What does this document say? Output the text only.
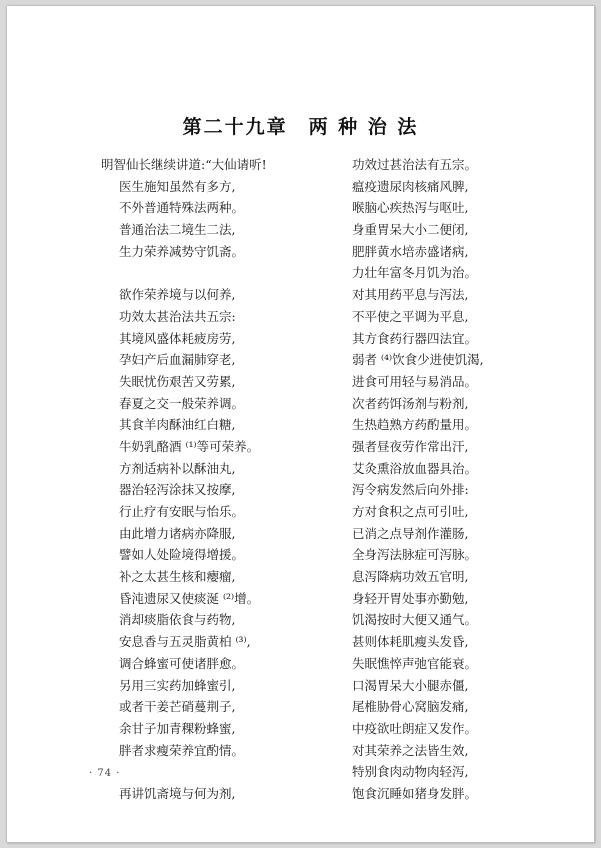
第二十九章　两 种 治 法
明智仙长继续讲道:“大仙请听!
医生施知虽然有多方,
不外普通特殊法两种。
普通治法二境生二法,
生力荣养减势守饥斋。
欲作荣养境与以何养,
功效太甚治法共五宗:
其境风盛体耗疲房劳,
孕妇产后血漏肺穿老,
失眠忧伤艰苦又劳累,
春夏之交一般荣养调。
其食羊肉酥油红白糖,
牛奶乳酪酒 ⁽¹⁾等可荣养。
方剂适病补以酥油丸,
器治轻泻涂抹又按摩,
行止疗有安眠与怡乐。
由此增力诸病亦降服,
譬如人处险境得增援。
补之太甚生核和瘿瘤,
昏沌遗尿又使痰涎 ⁽²⁾增。
消却痰脂依食与药物,
安息香与五灵脂黄柏 ⁽³⁾,
调合蜂蜜可使诸胖愈。
另用三实药加蜂蜜引,
或者干姜芒硝蔓荆子,
余甘子加青稞粉蜂蜜,
胖者求瘦荣养宜酌情。
再讲饥斋境与何为剂,
功效过甚治法有五宗。
瘟疫遗尿肉核痛风脾,
喉脑心疾热泻与呕吐,
身重胃呆大小二便闭,
肥胖黄水培赤盛诸病,
力壮年富冬月饥为治。
对其用药平息与泻法,
不平使之平调为平息,
其方食药行器四法宜。
弱者 ⁽⁴⁾饮食少进使饥渴,
进食可用轻与易消品。
次者药饵汤剂与粉剂,
生热趋熟方药酌量用。
强者昼夜劳作常出汗,
艾灸熏浴放血器具治。
泻令病发然后向外排:
方对食积之点可引吐,
已消之点导剂作灌肠,
全身泻法脉症可泻脉。
息泻降病功效五官明,
身轻开胃处事亦勤勉,
饥渴按时大便又通气。
甚则体耗肌瘦头发昏,
失眠憔悴声弛官能衰。
口渴胃呆大小腿赤僵,
尾椎胁骨心窝脑发痛,
中疫欲吐朗症又发作。
对其荣养之法皆生效,
特别食肉动物肉轻泻,
饱食沉睡如猪身发胖。
· 74 ·
